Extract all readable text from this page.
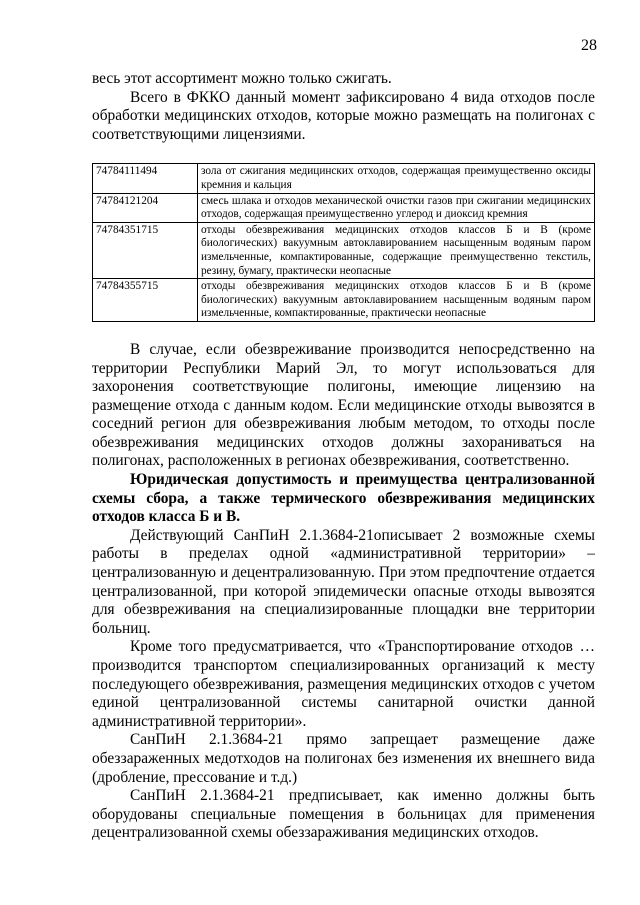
28

весь этот ассортимент можно только сжигать.

Всего в ФККО данный момент зафиксировано 4 вида отходов после обработки медицинских отходов, которые можно размещать на полигонах с соответствующими лицензиями.

74784111494	зола от сжигания медицинских отходов, содержащая преимущественно оксиды кремния и кальция
74784121204	смесь шлака и отходов механической очистки газов при сжигании медицинских отходов, содержащая преимущественно углерод и диоксид кремния
74784351715	отходы обезвреживания медицинских отходов классов Б и В (кроме биологических) вакуумным автоклавированием насыщенным водяным паром измельченные, компактированные, содержащие преимущественно текстиль, резину, бумагу, практически неопасные
74784355715	отходы обезвреживания медицинских отходов классов Б и В (кроме биологических) вакуумным автоклавированием насыщенным водяным паром измельченные, компактированные, практически неопасные

В случае, если обезвреживание производится непосредственно на территории Республики Марий Эл, то могут использоваться для захоронения соответствующие полигоны, имеющие лицензию на размещение отхода с данным кодом. Если медицинские отходы вывозятся в соседний регион для обезвреживания любым методом, то отходы после обезвреживания медицинских отходов должны захораниваться на полигонах, расположенных в регионах обезвреживания, соответственно.

Юридическая допустимость и преимущества централизованной схемы сбора, а также термического обезвреживания медицинских отходов класса Б и В.

Действующий СанПиН 2.1.3684-21описывает 2 возможные схемы работы в пределах одной «административной территории» – централизованную и децентрализованную. При этом предпочтение отдается централизованной, при которой эпидемически опасные отходы вывозятся для обезвреживания на специализированные площадки вне территории больниц.

Кроме того предусматривается, что «Транспортирование отходов … производится транспортом специализированных организаций к месту последующего обезвреживания, размещения медицинских отходов с учетом единой централизованной системы санитарной очистки данной административной территории».

СанПиН 2.1.3684-21 прямо запрещает размещение даже обеззараженных медотходов на полигонах без изменения их внешнего вида (дробление, прессование и т.д.)

СанПиН 2.1.3684-21 предписывает, как именно должны быть оборудованы специальные помещения в больницах для применения децентрализованной схемы обеззараживания медицинских отходов.
